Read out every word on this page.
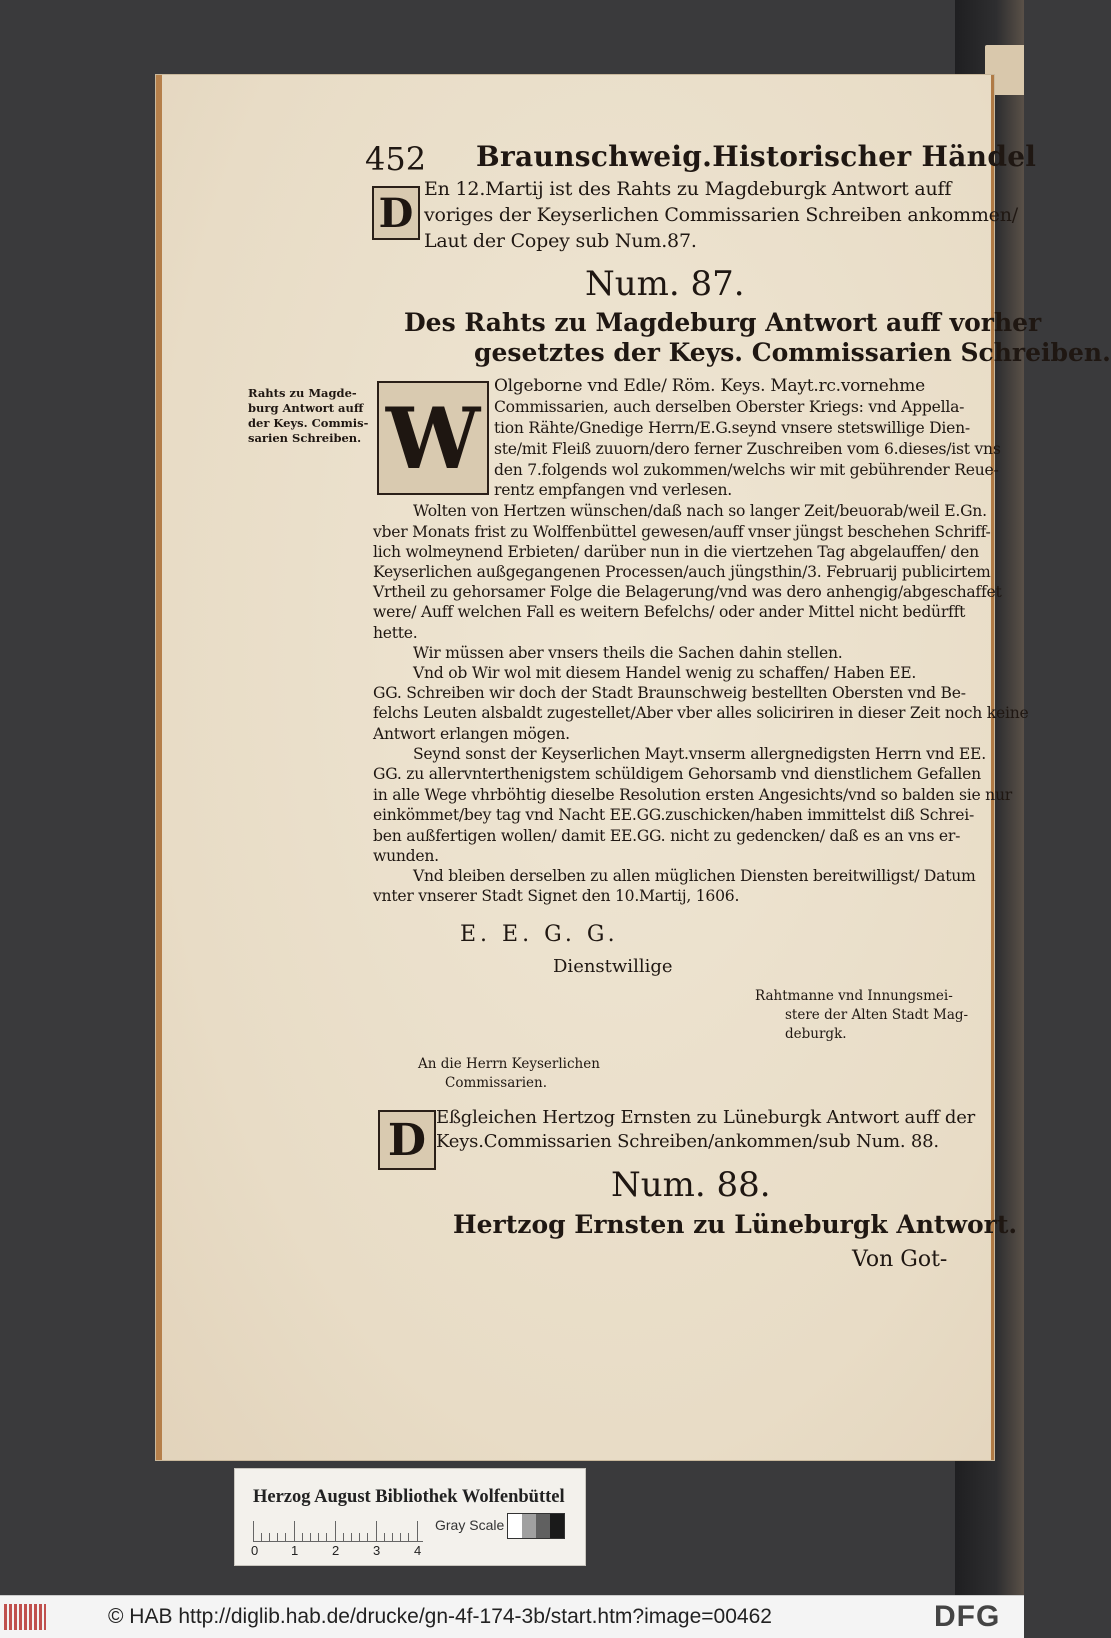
452 Braunschweig.Historischer Händel
D
En 12.Martij ist des Rahts zu Magdeburgk Antwort auff
voriges der Keyserlichen Commissarien Schreiben ankommen/
Laut der Copey sub Num.87.
Num. 87.
Des Rahts zu Magdeburg Antwort auff vorher
gesetztes der Keys. Commissarien Schreiben.
Rahts zu Magde-
burg Antwort auff
der Keys. Commis-
sarien Schreiben. W
Olgeborne vnd Edle/ Röm. Keys. Mayt.rc.vornehme
Commissarien, auch derselben Oberster Kriegs: vnd Appella-
tion Rähte/Gnedige Herrn/E.G.seynd vnsere stetswillige Dien-
ste/mit Fleiß zuuorn/dero ferner Zuschreiben vom 6.dieses/ist vns
den 7.folgends wol zukommen/welchs wir mit gebührender Reue-
rentz empfangen vnd verlesen.
Wolten von Hertzen wünschen/daß nach so langer Zeit/beuorab/weil E.Gn.
vber Monats frist zu Wolffenbüttel gewesen/auff vnser jüngst beschehen Schriff-
lich wolmeynend Erbieten/ darüber nun in die viertzehen Tag abgelauffen/ den
Keyserlichen außgegangenen Processen/auch jüngsthin/3. Februarij publicirtem
Vrtheil zu gehorsamer Folge die Belagerung/vnd was dero anhengig/abgeschaffet
were/ Auff welchen Fall es weitern Befelchs/ oder ander Mittel nicht bedürfft
hette.
Wir müssen aber vnsers theils die Sachen dahin stellen.
Vnd ob Wir wol mit diesem Handel wenig zu schaffen/ Haben EE.
GG. Schreiben wir doch der Stadt Braunschweig bestellten Obersten vnd Be-
felchs Leuten alsbaldt zugestellet/Aber vber alles soliciriren in dieser Zeit noch keine
Antwort erlangen mögen.
Seynd sonst der Keyserlichen Mayt.vnserm allergnedigsten Herrn vnd EE.
GG. zu allervnterthenigstem schüldigem Gehorsamb vnd dienstlichem Gefallen
in alle Wege vhrböhtig dieselbe Resolution ersten Angesichts/vnd so balden sie nur
einkömmet/bey tag vnd Nacht EE.GG.zuschicken/haben immittelst diß Schrei-
ben außfertigen wollen/ damit EE.GG. nicht zu gedencken/ daß es an vns er-
wunden.
Vnd bleiben derselben zu allen müglichen Diensten bereitwilligst/ Datum
vnter vnserer Stadt Signet den 10.Martij, 1606.
E. E. G. G.
Dienstwillige
Rahtmanne vnd Innungsmei-
stere der Alten Stadt Mag-
deburgk.
An die Herrn Keyserlichen
Commissarien.
D Eßgleichen Hertzog Ernsten zu Lüneburgk Antwort auff der
Keys.Commissarien Schreiben/ankommen/sub Num. 88.
Num. 88.
Hertzog Ernsten zu Lüneburgk Antwort.
Von Got-
Herzog August Bibliothek Wolfenbüttel
0	1	2	3	4
Gray Scale
© HAB http://diglib.hab.de/drucke/gn-4f-174-3b/start.htm?image=00462	DFG
